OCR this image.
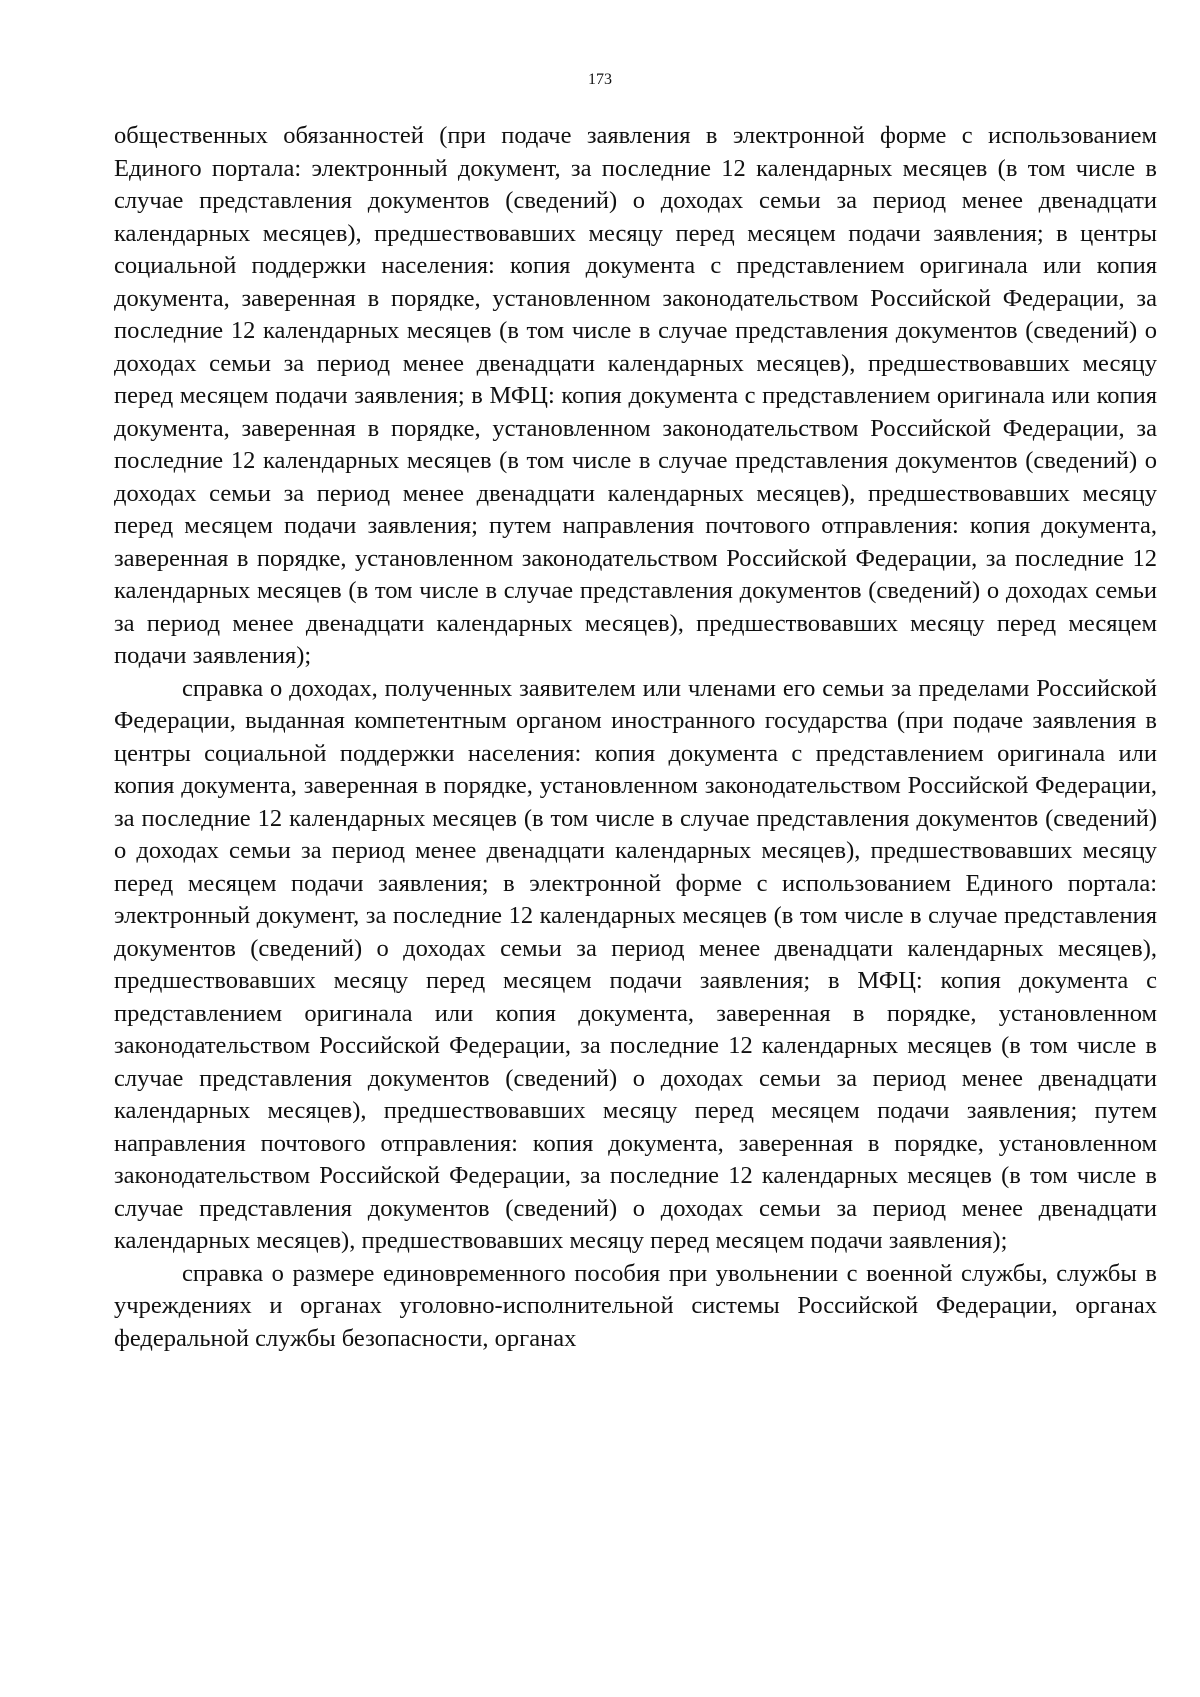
173

общественных обязанностей (при подаче заявления в электронной форме с использованием Единого портала: электронный документ, за последние 12 календарных месяцев (в том числе в случае представления документов (сведений) о доходах семьи за период менее двенадцати календарных месяцев), предшествовавших месяцу перед месяцем подачи заявления; в центры социальной поддержки населения: копия документа с представлением оригинала или копия документа, заверенная в порядке, установленном законодательством Российской Федерации, за последние 12 календарных месяцев (в том числе в случае представления документов (сведений) о доходах семьи за период менее двенадцати календарных месяцев), предшествовавших месяцу перед месяцем подачи заявления; в МФЦ: копия документа с представлением оригинала или копия документа, заверенная в порядке, установленном законодательством Российской Федерации, за последние 12 календарных месяцев (в том числе в случае представления документов (сведений) о доходах семьи за период менее двенадцати календарных месяцев), предшествовавших месяцу перед месяцем подачи заявления; путем направления почтового отправления: копия документа, заверенная в порядке, установленном законодательством Российской Федерации, за последние 12 календарных месяцев (в том числе в случае представления документов (сведений) о доходах семьи за период менее двенадцати календарных месяцев), предшествовавших месяцу перед месяцем подачи заявления);

справка о доходах, полученных заявителем или членами его семьи за пределами Российской Федерации, выданная компетентным органом иностранного государства (при подаче заявления в центры социальной поддержки населения: копия документа с представлением оригинала или копия документа, заверенная в порядке, установленном законодательством Российской Федерации, за последние 12 календарных месяцев (в том числе в случае представления документов (сведений) о доходах семьи за период менее двенадцати календарных месяцев), предшествовавших месяцу перед месяцем подачи заявления; в электронной форме с использованием Единого портала: электронный документ, за последние 12 календарных месяцев (в том числе в случае представления документов (сведений) о доходах семьи за период менее двенадцати календарных месяцев), предшествовавших месяцу перед месяцем подачи заявления; в МФЦ: копия документа с представлением оригинала или копия документа, заверенная в порядке, установленном законодательством Российской Федерации, за последние 12 календарных месяцев (в том числе в случае представления документов (сведений) о доходах семьи за период менее двенадцати календарных месяцев), предшествовавших месяцу перед месяцем подачи заявления; путем направления почтового отправления: копия документа, заверенная в порядке, установленном законодательством Российской Федерации, за последние 12 календарных месяцев (в том числе в случае представления документов (сведений) о доходах семьи за период менее двенадцати календарных месяцев), предшествовавших месяцу перед месяцем подачи заявления);

справка о размере единовременного пособия при увольнении с военной службы, службы в учреждениях и органах уголовно-исполнительной системы Российской Федерации, органах федеральной службы безопасности, органах
